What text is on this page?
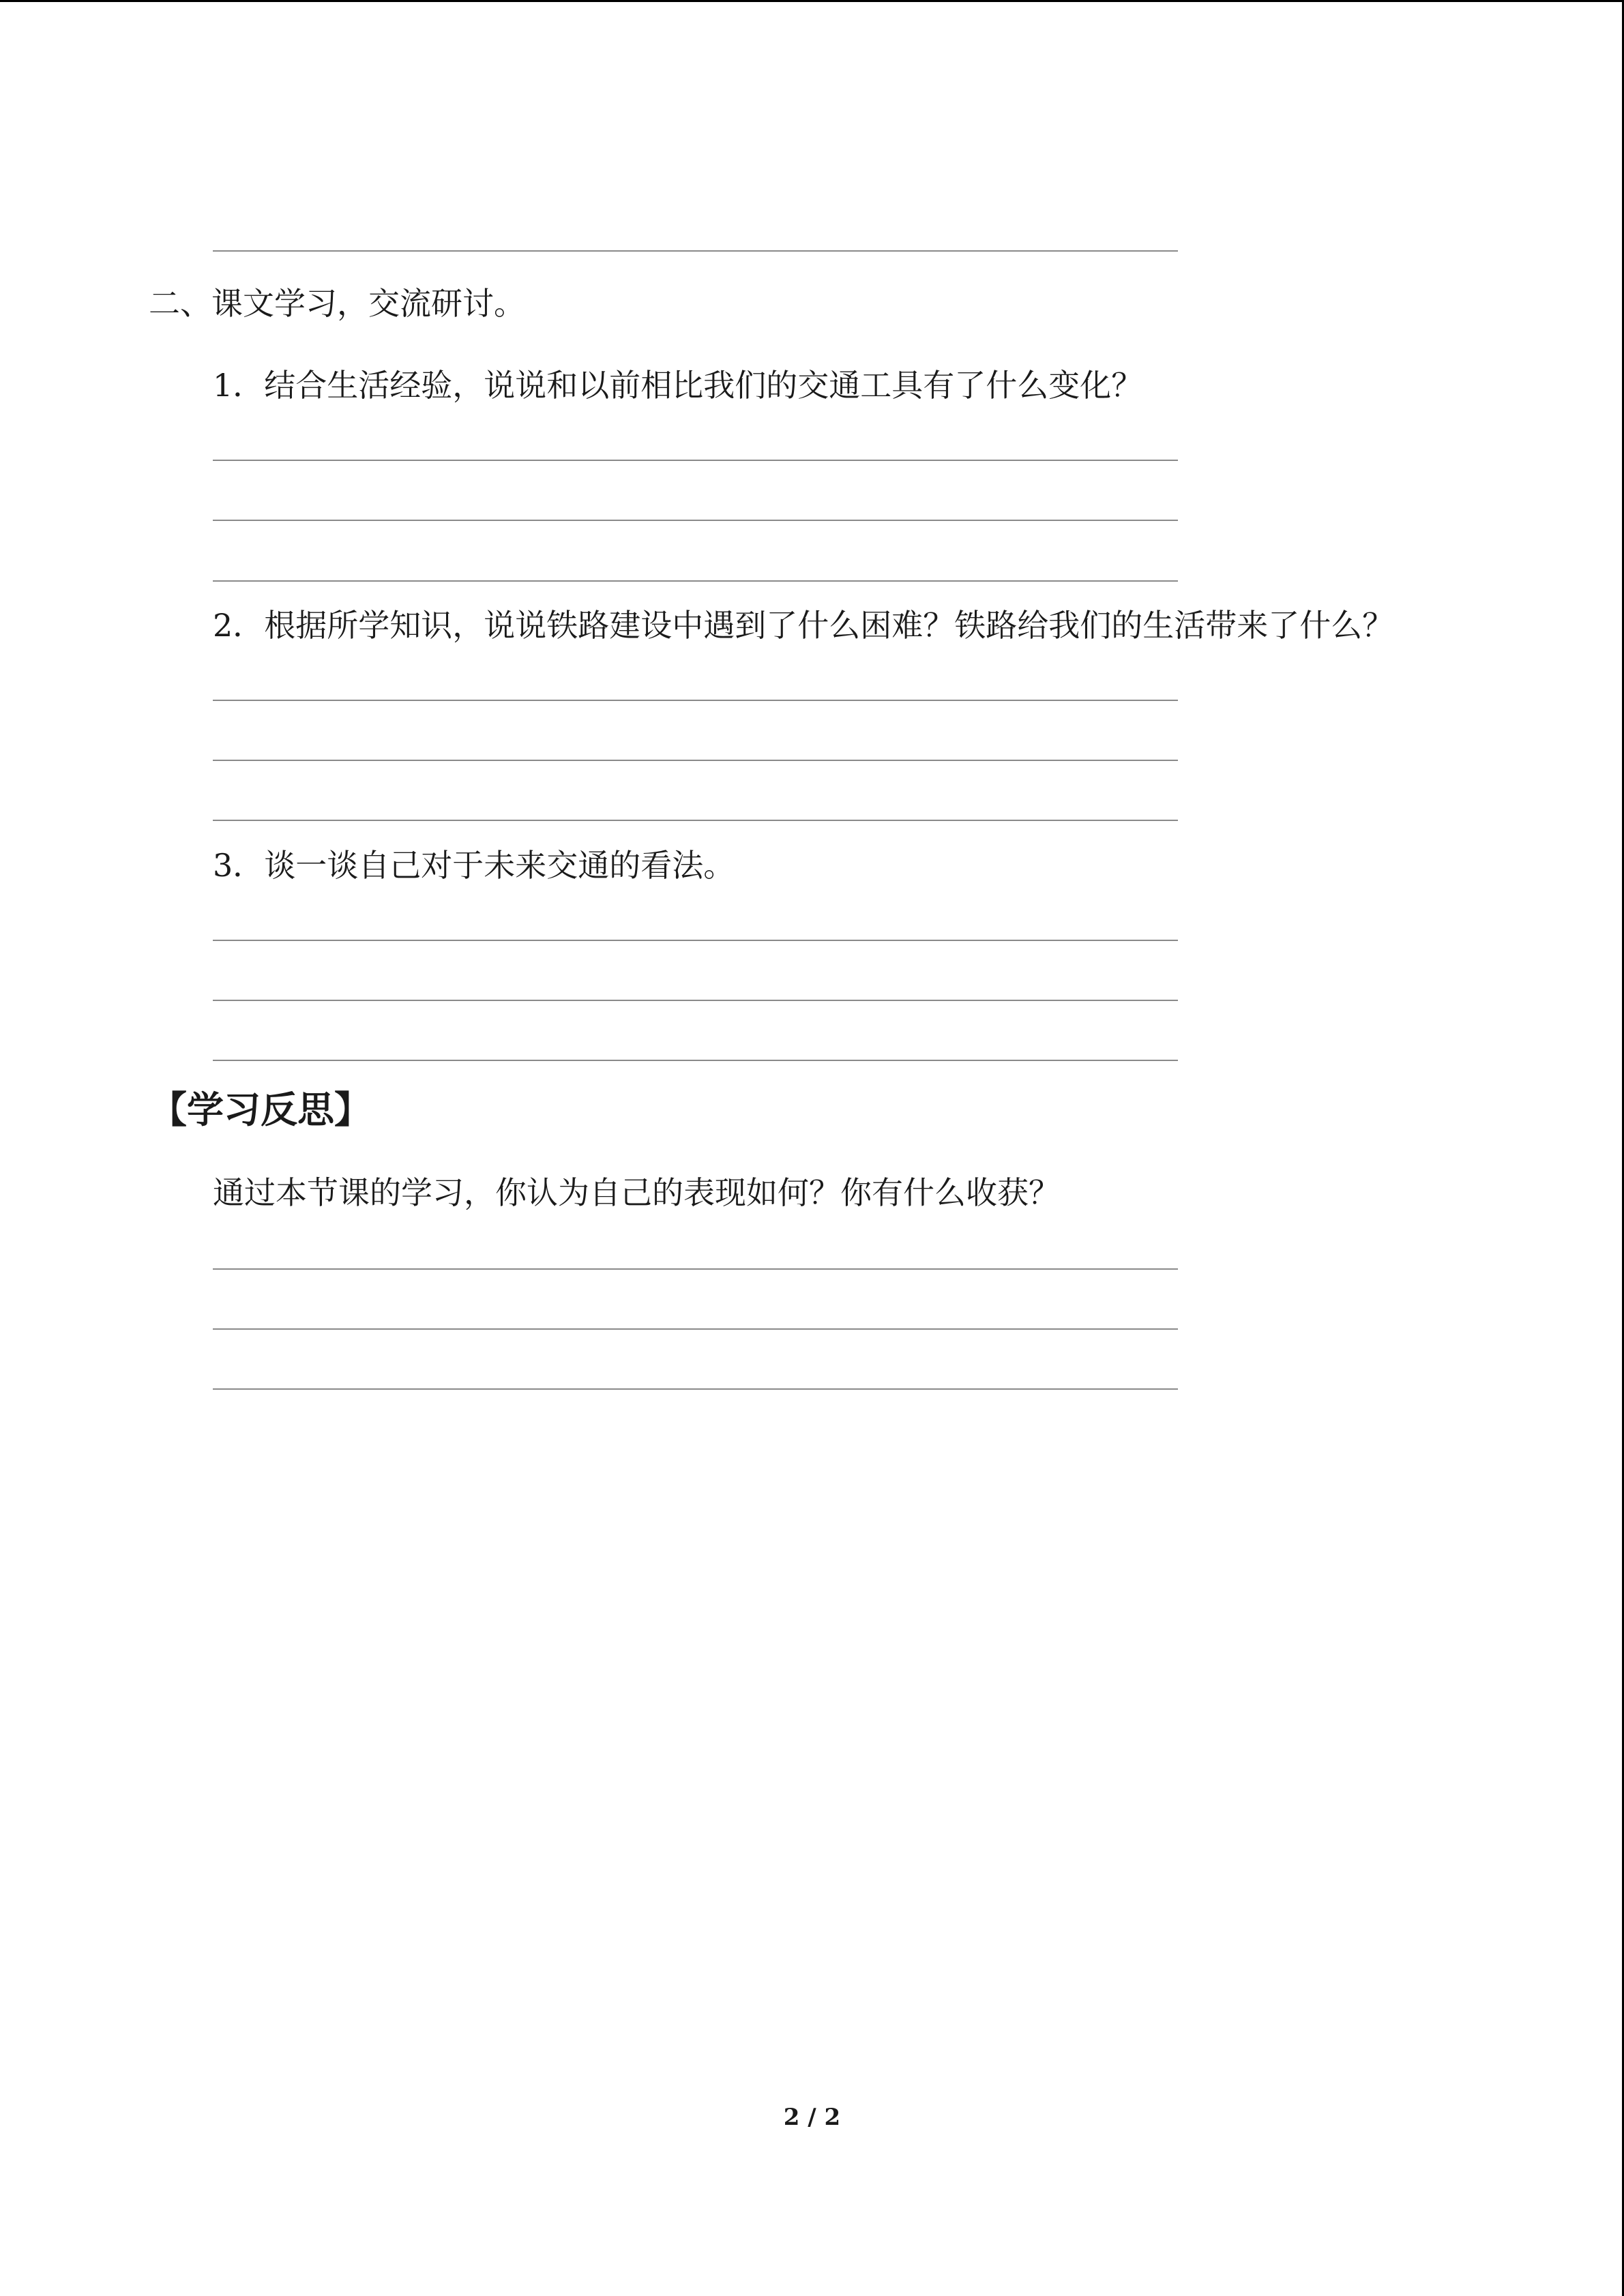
二、课文学习，交流研讨。
1．结合生活经验，说说和以前相比我们的交通工具有了什么变化？
2．根据所学知识，说说铁路建设中遇到了什么困难？铁路给我们的生活带来了什么？
3．谈一谈自己对于未来交通的看法。
【学习反思】
通过本节课的学习，你认为自己的表现如何？你有什么收获？
2 / 2
